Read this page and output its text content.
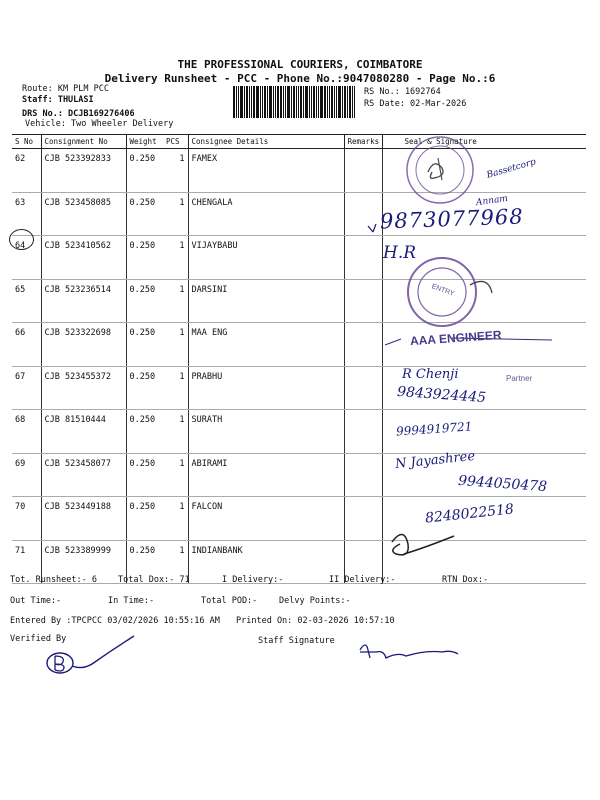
THE PROFESSIONAL COURIERS, COIMBATORE
Delivery Runsheet - PCC - Phone No.:9047080280 - Page No.:6
Route: KM PLM PCC
Staff: THULASI
DRS No.: DCJB169276406
Vehicle: Two Wheeler Delivery
RS No.: 1692764
RS Date: 02-Mar-2026
S No	Consignment No	Weight	PCS	Consignee Details	Remarks	Seal & Signature
62	CJB 523392833	0.250	1	FAMEX		
63	CJB 523458085	0.250	1	CHENGALA		
64	CJB 523410562	0.250	1	VIJAYBABU		
65	CJB 523236514	0.250	1	DARSINI		
66	CJB 523322698	0.250	1	MAA ENG		
67	CJB 523455372	0.250	1	PRABHU		
68	CJB 81510444	0.250	1	SURATH		
69	CJB 523458077	0.250	1	ABIRAMI		
70	CJB 523449188	0.250	1	FALCON		
71	CJB 523389999	0.250	1	INDIANBANK		
Bassetcorp
Annam
9873077968
H.R
ENTRY
AAA ENGINEER
R Chenji	Partner
9843924445
9994919721
N Jayashree
9944050478
8248022518
Tot. Runsheet:- 6 Total Dox:- 71	I Delivery:-	II Delivery:-	RTN Dox:-
Out Time:-	In Time:-	Total POD:-	Delvy Points:-
Entered By :TPCPCC 03/02/2026 10:55:16 AM Printed On: 02-03-2026 10:57:10
Verified By	Staff Signature
